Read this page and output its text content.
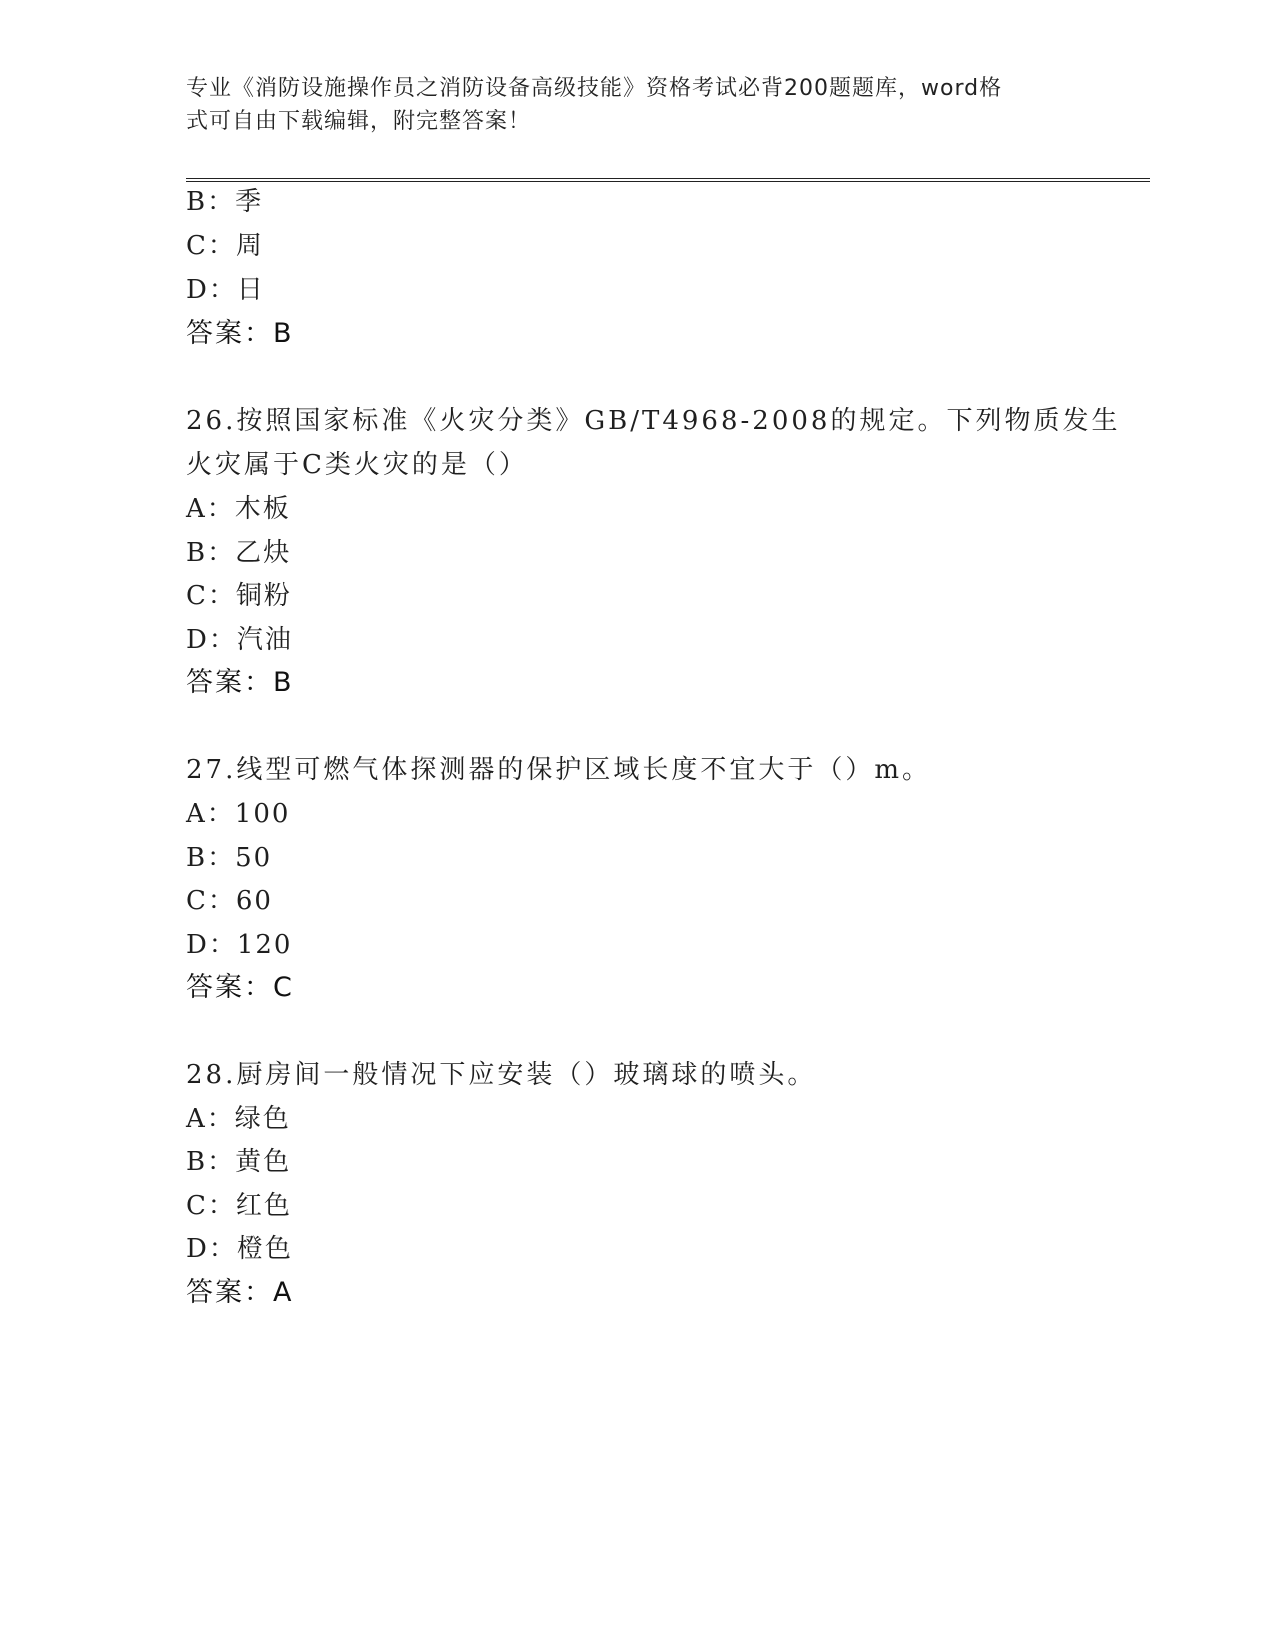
专业《消防设施操作员之消防设备高级技能》资格考试必背200题题库，word格
式可自由下载编辑，附完整答案！
B：季
C：周
D：日
答案：B
26.按照国家标准《火灾分类》GB/T4968-2008的规定。下列物质发生
火灾属于C类火灾的是（）
A：木板
B：乙炔
C：铜粉
D：汽油
答案：B
27.线型可燃气体探测器的保护区域长度不宜大于（）m。
A：100
B：50
C：60
D：120
答案：C
28.厨房间一般情况下应安装（）玻璃球的喷头。
A：绿色
B：黄色
C：红色
D：橙色
答案：A
